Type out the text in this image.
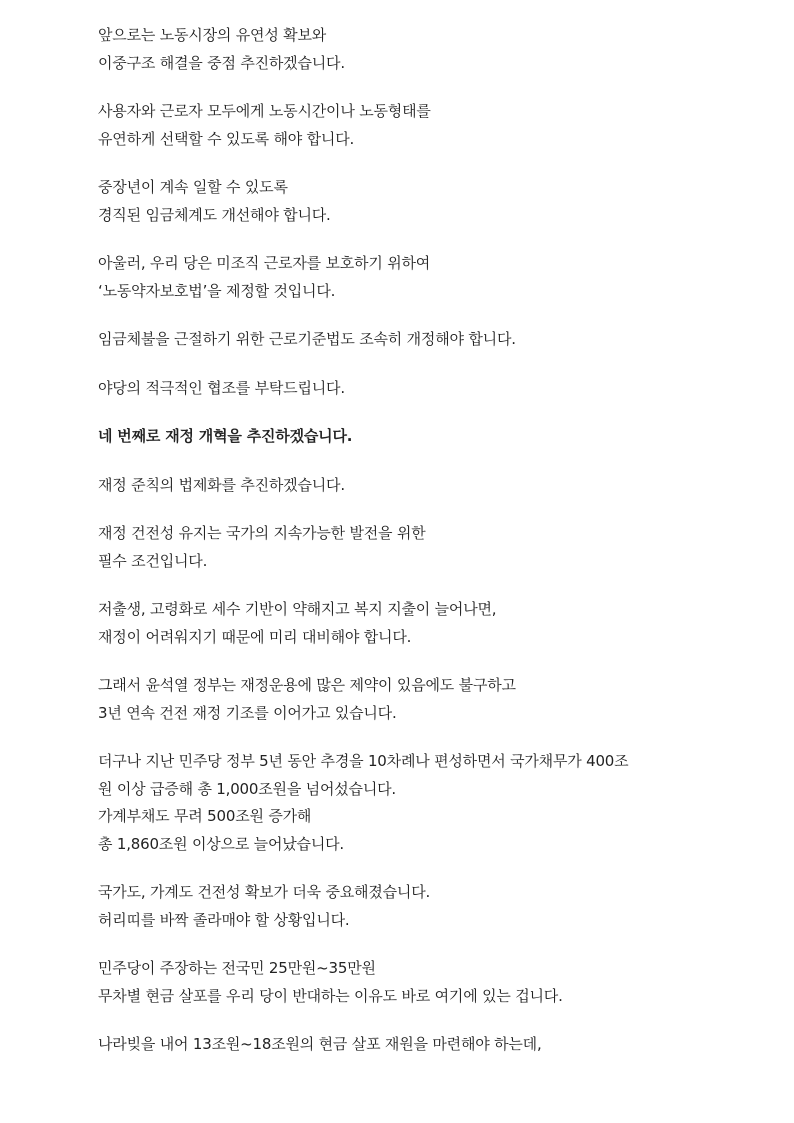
앞으로는 노동시장의 유연성 확보와
이중구조 해결을 중점 추진하겠습니다.
사용자와 근로자 모두에게 노동시간이나 노동형태를
유연하게 선택할 수 있도록 해야 합니다.
중장년이 계속 일할 수 있도록
경직된 임금체계도 개선해야 합니다.
아울러, 우리 당은 미조직 근로자를 보호하기 위하여
‘노동약자보호법’을 제정할 것입니다.
임금체불을 근절하기 위한 근로기준법도 조속히 개정해야 합니다.
야당의 적극적인 협조를 부탁드립니다.
네 번째로 재정 개혁을 추진하겠습니다.
재정 준칙의 법제화를 추진하겠습니다.
재정 건전성 유지는 국가의 지속가능한 발전을 위한
필수 조건입니다.
저출생, 고령화로 세수 기반이 약해지고 복지 지출이 늘어나면,
재정이 어려워지기 때문에 미리 대비해야 합니다.
그래서 윤석열 정부는 재정운용에 많은 제약이 있음에도 불구하고
3년 연속 건전 재정 기조를 이어가고 있습니다.
더구나 지난 민주당 정부 5년 동안 추경을 10차례나 편성하면서 국가채무가 400조
원 이상 급증해 총 1,000조원을 넘어섰습니다.
가계부채도 무려 500조원 증가해
총 1,860조원 이상으로 늘어났습니다.
국가도, 가계도 건전성 확보가 더욱 중요해졌습니다.
허리띠를 바짝 졸라매야 할 상황입니다.
민주당이 주장하는 전국민 25만원~35만원
무차별 현금 살포를 우리 당이 반대하는 이유도 바로 여기에 있는 겁니다.
나라빚을 내어 13조원~18조원의 현금 살포 재원을 마련해야 하는데,
